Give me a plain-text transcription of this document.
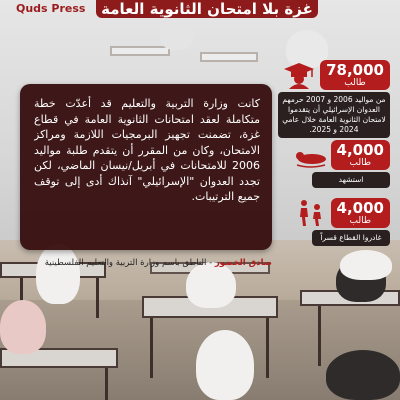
Quds Press غزة بلا امتحان الثانوية العامة
كانت وزارة التربية والتعليم قد أعدّت خطة متكاملة لعقد امتحانات الثانوية العامة في قطاع غزة، تضمنت تجهيز البرمجيات اللازمة ومراكز الامتحان، وكان من المقرر أن يتقدم طلبة مواليد 2006 للامتحانات في أبريل/نيسان الماضي، لكن تجدد العدوان "الإسرائيلي" آنذاك أدى إلى توقف جميع الترتيبات.
صادق الخضور - الناطق باسم وزارة التربية والتعليم الفلسطينية
78,000
طالب
من مواليد 2006 و 2007 حرمهم العدوان الإسرائيلي أن يتقدموا لامتحان الثانوية العامة خلال عامي 2024 و 2025.
4,000
طالب
استشهد
4,000
طالب
غادروا القطاع قسراً
